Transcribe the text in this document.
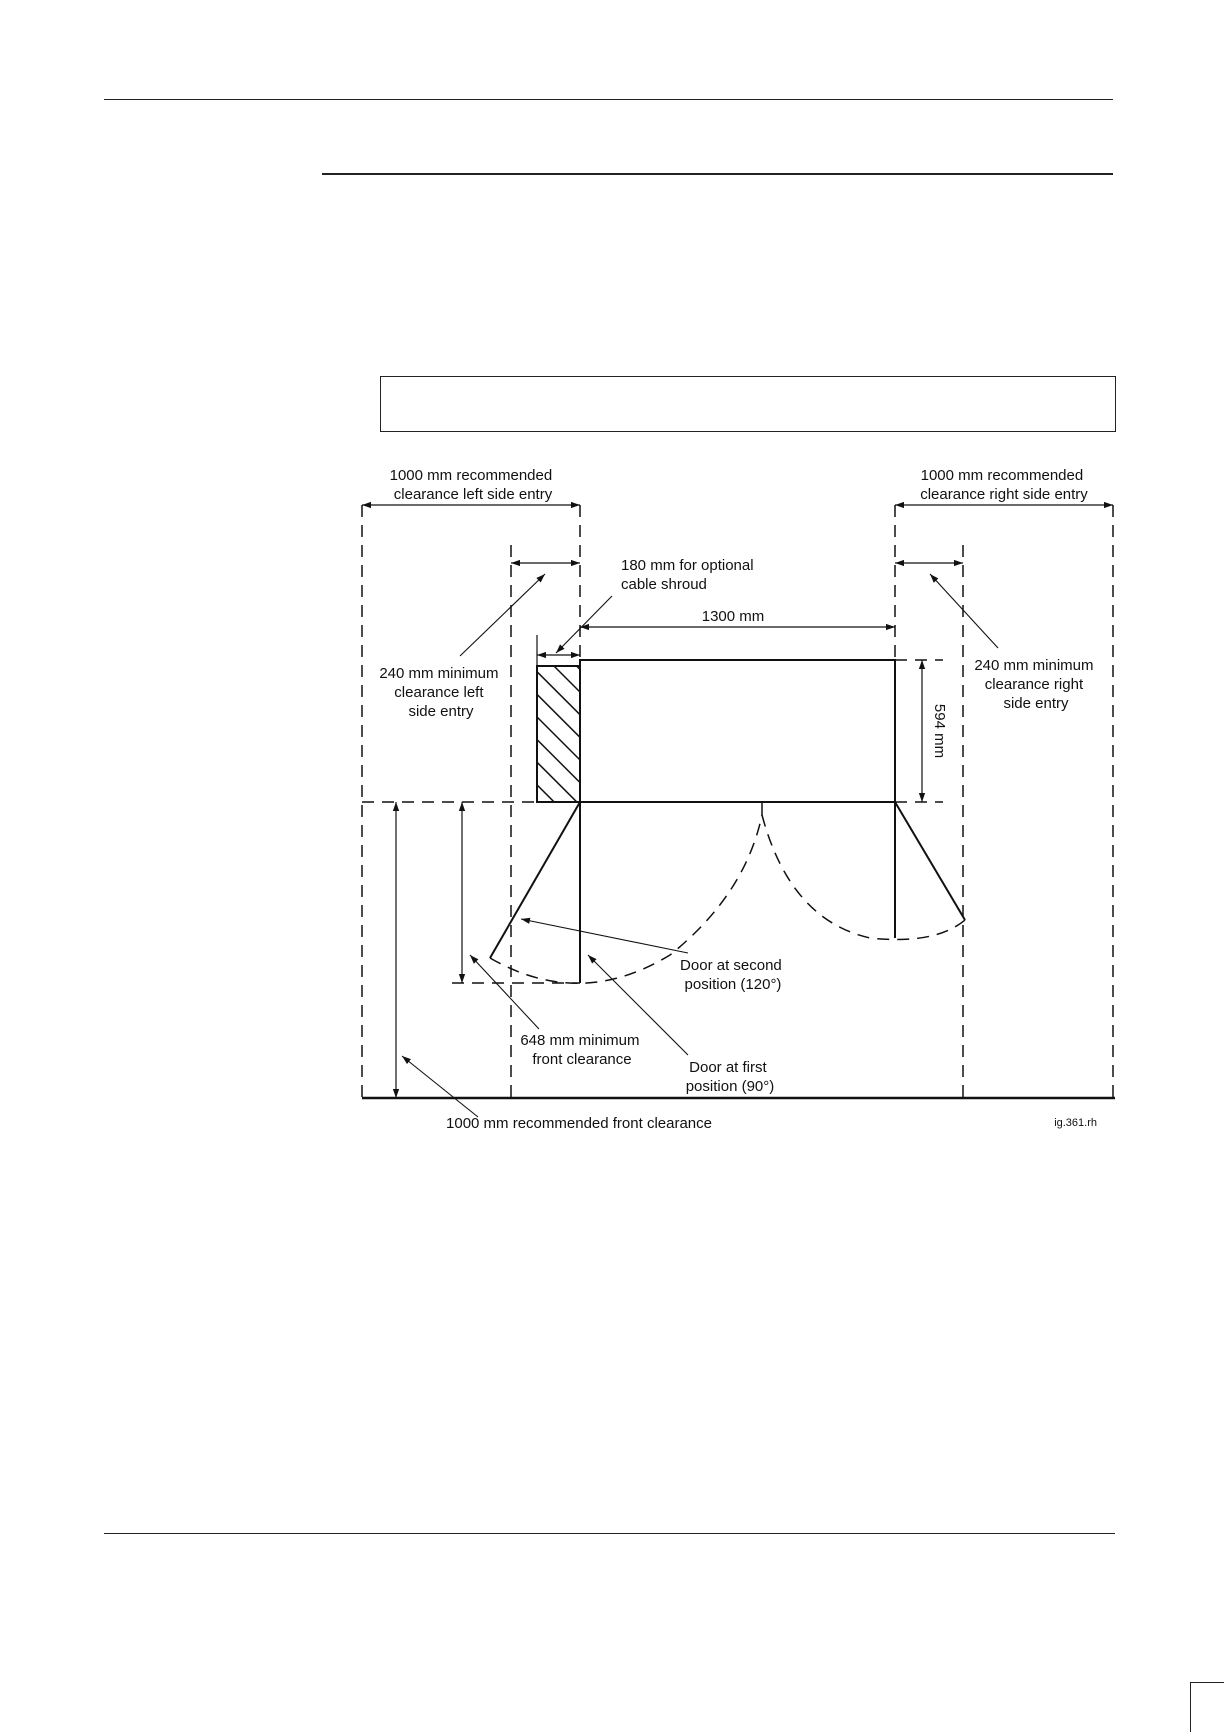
1000 mm recommended clearance left side entry
1000 mm recommended clearance right side entry
180 mm for optional cable shroud
1300 mm
594 mm
240 mm minimum clearance left side entry
240 mm minimum clearance right side entry
Door at second position (120°)
Door at first position (90°)
648 mm minimum front clearance
1000 mm recommended front clearance	ig.361.rh
